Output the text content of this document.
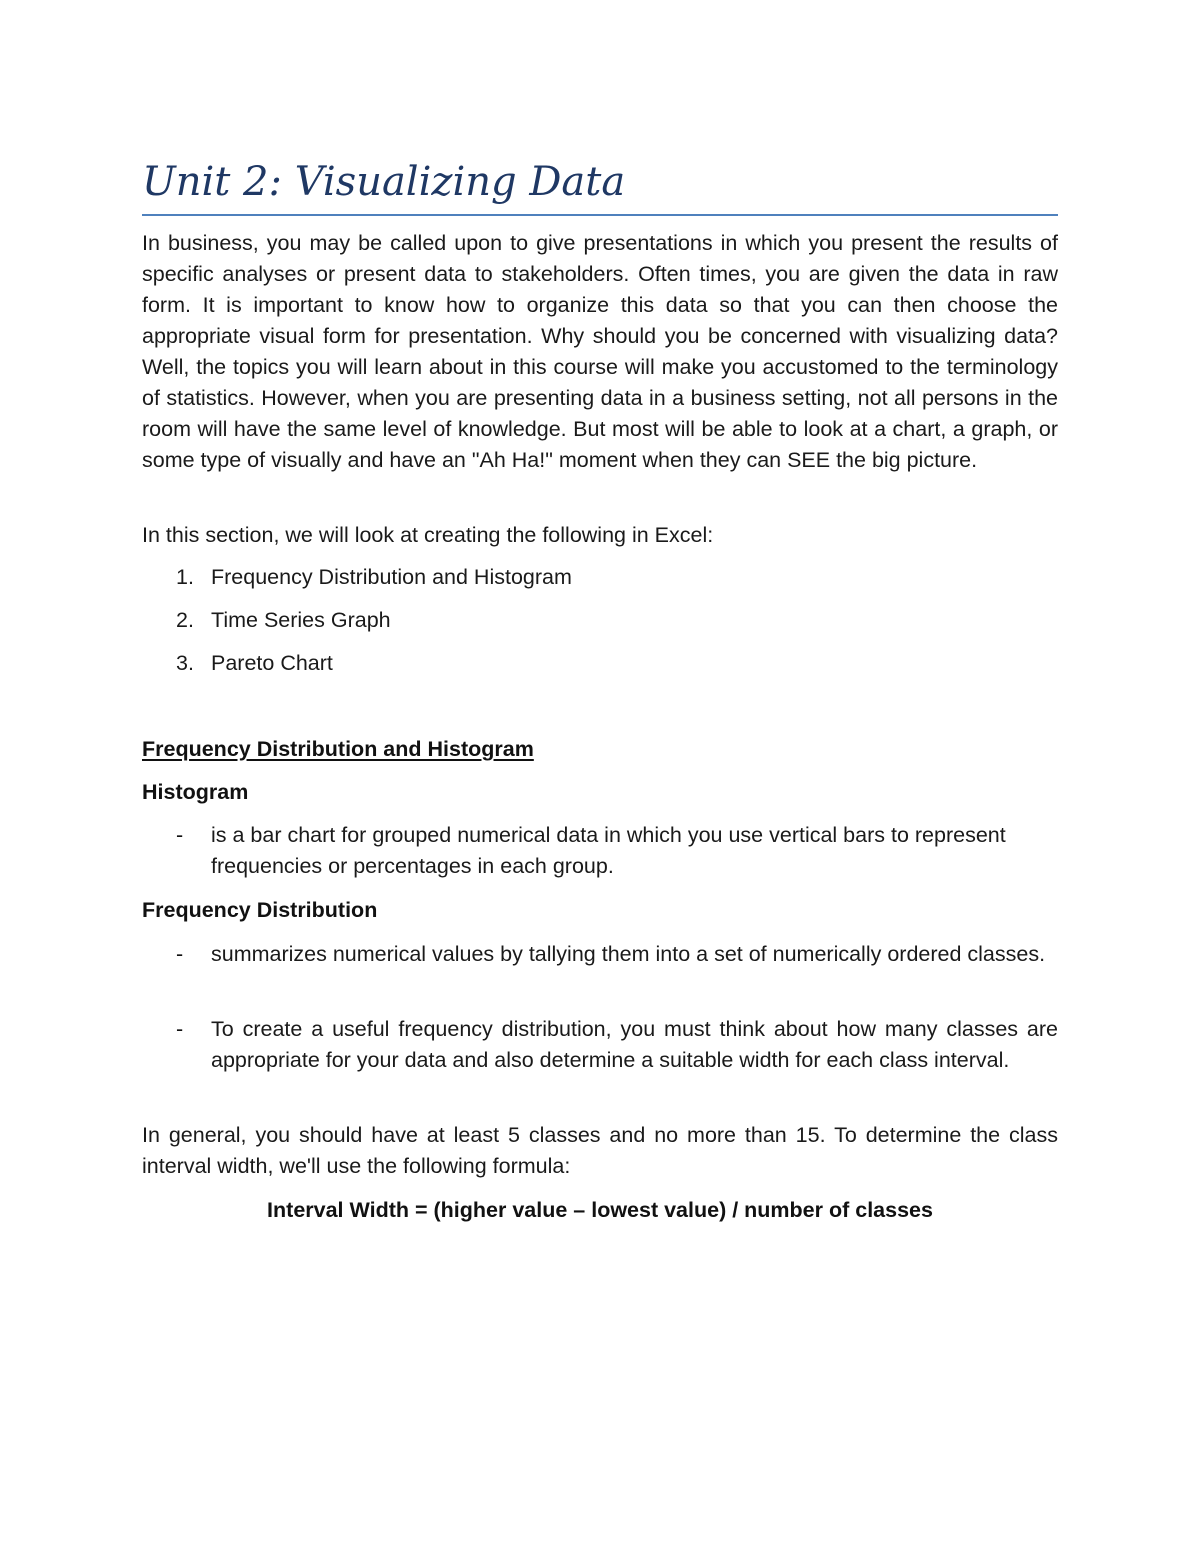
Unit 2: Visualizing Data

In business, you may be called upon to give presentations in which you present the results of specific analyses or present data to stakeholders. Often times, you are given the data in raw form. It is important to know how to organize this data so that you can then choose the appropriate visual form for presentation. Why should you be concerned with visualizing data? Well, the topics you will learn about in this course will make you accustomed to the terminology of statistics. However, when you are presenting data in a business setting, not all persons in the room will have the same level of knowledge. But most will be able to look at a chart, a graph, or some type of visually and have an "Ah Ha!" moment when they can SEE the big picture.

In this section, we will look at creating the following in Excel:

1. Frequency Distribution and Histogram
2. Time Series Graph
3. Pareto Chart
Frequency Distribution and Histogram
Histogram
- is a bar chart for grouped numerical data in which you use vertical bars to represent frequencies or percentages in each group.

Frequency Distribution
- summarizes numerical values by tallying them into a set of numerically ordered classes.

- To create a useful frequency distribution, you must think about how many classes are appropriate for your data and also determine a suitable width for each class interval.

In general, you should have at least 5 classes and no more than 15. To determine the class interval width, we'll use the following formula:

Interval Width = (higher value – lowest value) / number of classes
